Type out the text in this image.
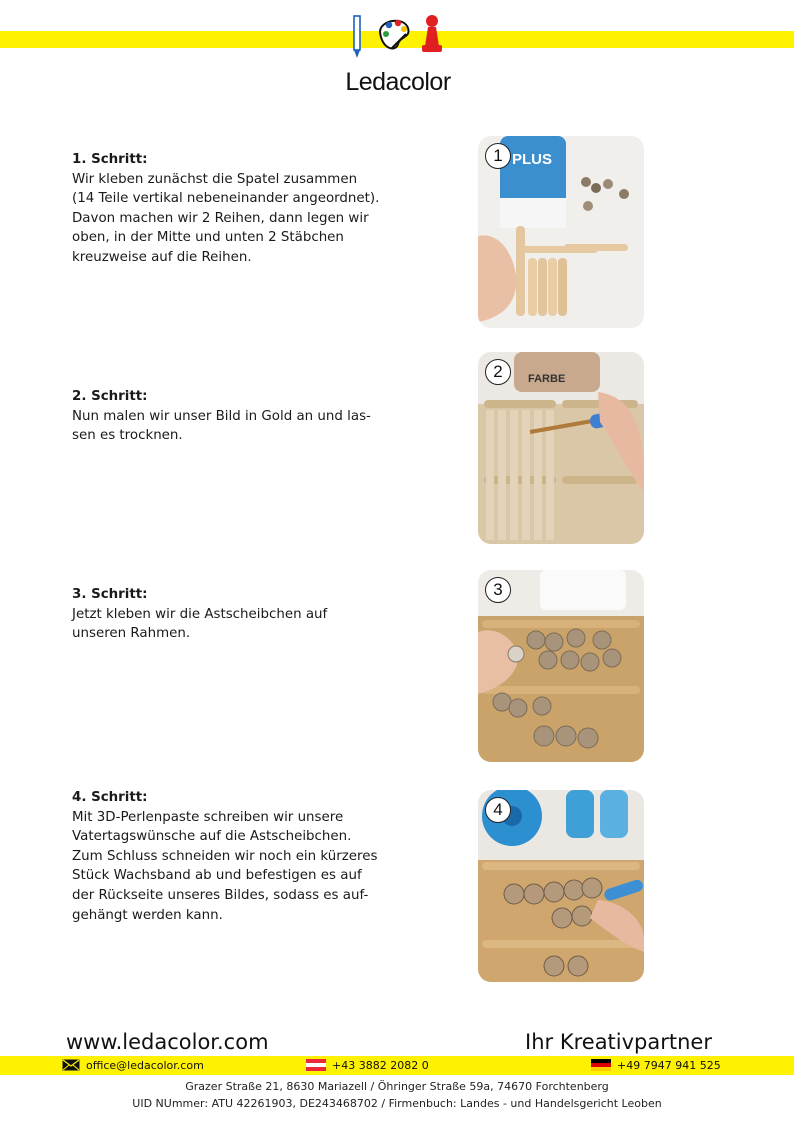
Ledacolor
1. Schritt:
Wir kleben zunächst die Spatel zusammen
(14 Teile vertikal nebeneinander angeordnet).
Davon machen wir 2 Reihen, dann legen wir
oben, in der Mitte und unten 2 Stäbchen
kreuzweise auf die Reihen.
2. Schritt:
Nun malen wir unser Bild in Gold an und las-
sen es trocknen.
3. Schritt:
Jetzt kleben wir die Astscheibchen auf
unseren Rahmen.
4. Schritt:
Mit 3D-Perlenpaste schreiben wir unsere
Vatertagswünsche auf die Astscheibchen.
Zum Schluss schneiden wir noch ein kürzeres
Stück Wachsband ab und befestigen es auf
der Rückseite unseres Bildes, sodass es auf-
gehängt werden kann.
PLUS
1
FARBE
2
3
4
www.ledacolor.com	Ihr Kreativpartner
office@ledacolor.com	+43 3882 2082 0	+49 7947 941 525
Grazer Straße 21, 8630 Mariazell / Öhringer Straße 59a, 74670 Forchtenberg
UID NUmmer: ATU 42261903, DE243468702 / Firmenbuch: Landes - und Handelsgericht Leoben
